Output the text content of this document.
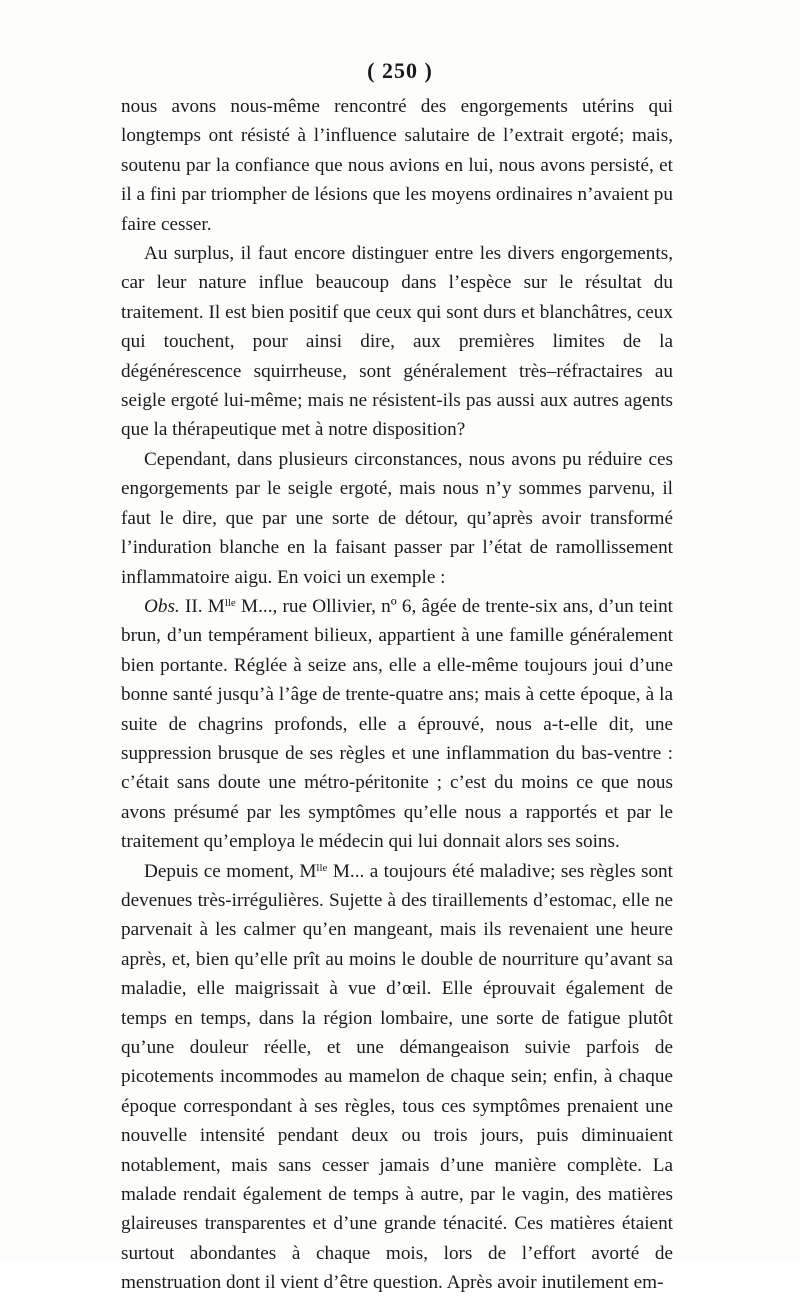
( 250 )

nous avons nous-même rencontré des engorgements utérins qui longtemps ont résisté à l’influence salutaire de l’extrait ergoté; mais, soutenu par la confiance que nous avions en lui, nous avons persisté, et il a fini par triompher de lésions que les moyens ordinaires n’avaient pu faire cesser.

Au surplus, il faut encore distinguer entre les divers engorgements, car leur nature influe beaucoup dans l’espèce sur le résultat du traitement. Il est bien positif que ceux qui sont durs et blanchâtres, ceux qui touchent, pour ainsi dire, aux premières limites de la dégénérescence squirrheuse, sont généralement très–réfractaires au seigle ergoté lui-même; mais ne résistent-ils pas aussi aux autres agents que la thérapeutique met à notre disposition?

Cependant, dans plusieurs circonstances, nous avons pu réduire ces engorgements par le seigle ergoté, mais nous n’y sommes parvenu, il faut le dire, que par une sorte de détour, qu’après avoir transformé l’induration blanche en la faisant passer par l’état de ramollissement inflammatoire aigu. En voici un exemple :

Obs. II. $M^{lle}$ M..., rue Ollivier, nº 6, âgée de trente-six ans, d’un teint brun, d’un tempérament bilieux, appartient à une famille généralement bien portante. Réglée à seize ans, elle a elle-même toujours joui d’une bonne santé jusqu’à l’âge de trente-quatre ans; mais à cette époque, à la suite de chagrins profonds, elle a éprouvé, nous a-t-elle dit, une suppression brusque de ses règles et une inflammation du bas-ventre : c’était sans doute une métro-péritonite ; c’est du moins ce que nous avons présumé par les symptômes qu’elle nous a rapportés et par le traitement qu’employa le médecin qui lui donnait alors ses soins.

Depuis ce moment, $M^{lle}$ M... a toujours été maladive; ses règles sont devenues très-irrégulières. Sujette à des tiraillements d’estomac, elle ne parvenait à les calmer qu’en mangeant, mais ils revenaient une heure après, et, bien qu’elle prît au moins le double de nourriture qu’avant sa maladie, elle maigrissait à vue d’œil. Elle éprouvait également de temps en temps, dans la région lombaire, une sorte de fatigue plutôt qu’une douleur réelle, et une démangeaison suivie parfois de picotements incommodes au mamelon de chaque sein; enfin, à chaque époque correspondant à ses règles, tous ces symptômes prenaient une nouvelle intensité pendant deux ou trois jours, puis diminuaient notablement, mais sans cesser jamais d’une manière complète. La malade rendait également de temps à autre, par le vagin, des matières glaireuses transparentes et d’une grande ténacité. Ces matières étaient surtout abondantes à chaque mois, lors de l’effort avorté de menstruation dont il vient d’être question. Après avoir inutilement em-
